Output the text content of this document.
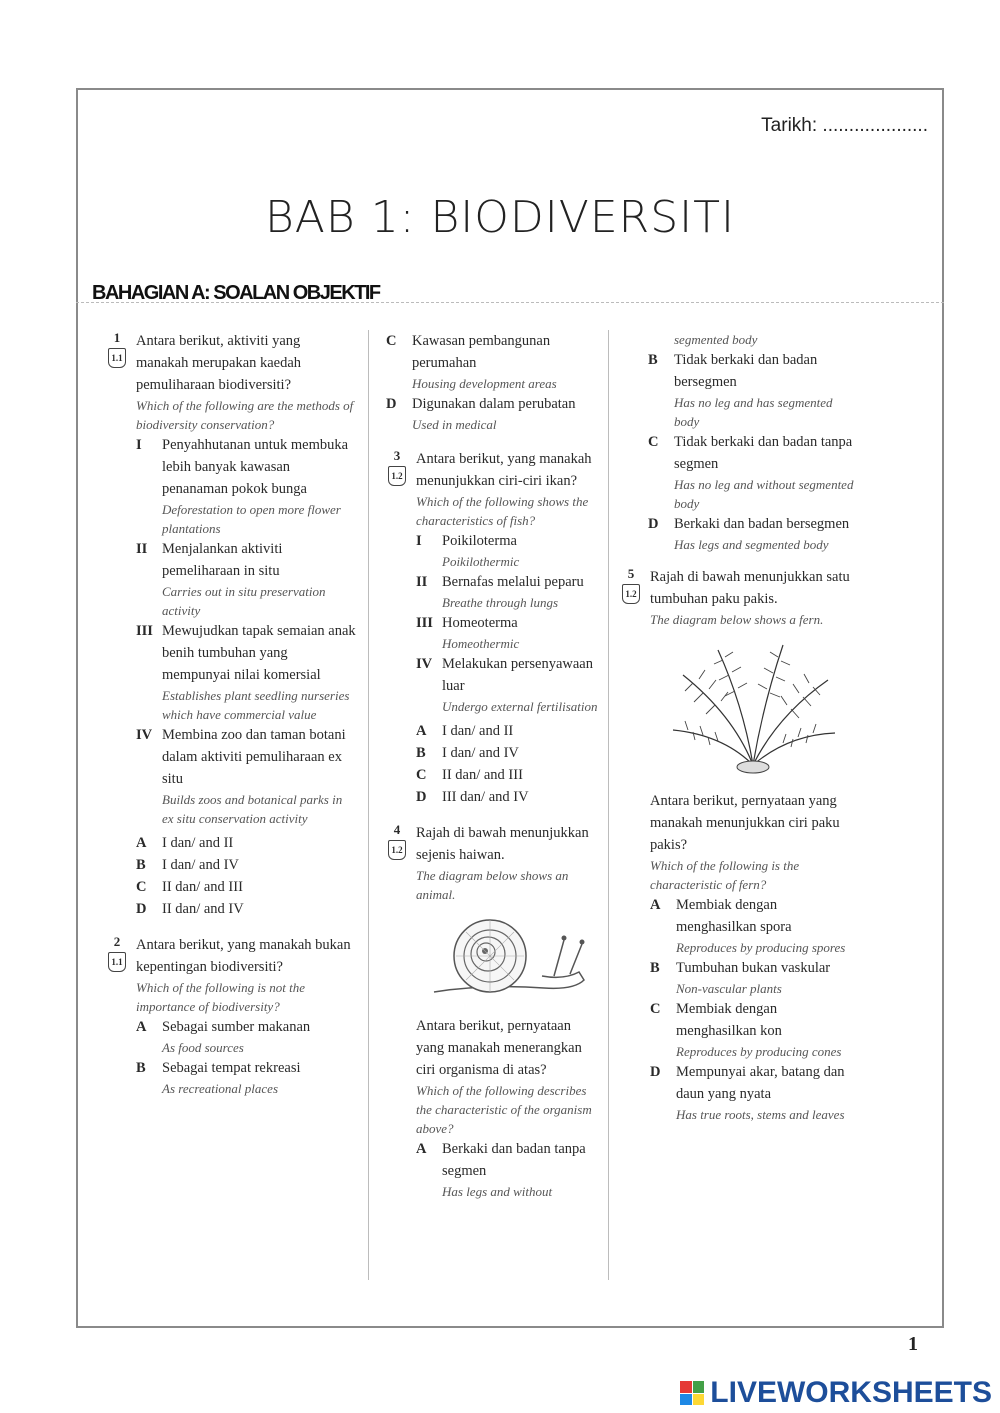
Tarikh: ....................
BAB 1: BIODIVERSITI
BAHAGIAN A: SOALAN OBJEKTIF
1
1.1
Antara berikut, aktiviti yang manakah merupakan kaedah pemuliharaan biodiversiti?
Which of the following are the methods of biodiversity conservation?
I Penyahhutanan untuk membuka lebih banyak kawasan penanaman pokok bunga
Deforestation to open more flower plantations
II Menjalankan aktiviti pemeliharaan in situ
Carries out in situ preservation activity
III Mewujudkan tapak semaian anak benih tumbuhan yang mempunyai nilai komersial
Establishes plant seedling nurseries which have commercial value
IV Membina zoo dan taman botani dalam aktiviti pemuliharaan ex situ
Builds zoos and botanical parks in ex situ conservation activity
A I dan/ and II
B I dan/ and IV
C II dan/ and III
D II dan/ and IV
2
1.1
Antara berikut, yang manakah bukan kepentingan biodiversiti?
Which of the following is not the importance of biodiversity?
A Sebagai sumber makanan
As food sources
B Sebagai tempat rekreasi
As recreational places
C Kawasan pembangunan perumahan
Housing development areas
D Digunakan dalam perubatan
Used in medical
3
1.2
Antara berikut, yang manakah menunjukkan ciri-ciri ikan?
Which of the following shows the characteristics of fish?
I Poikiloterma
Poikilothermic
II Bernafas melalui peparu
Breathe through lungs
III Homeoterma
Homeothermic
IV Melakukan persenyawaan luar
Undergo external fertilisation
A I dan/ and II
B I dan/ and IV
C II dan/ and III
D III dan/ and IV
4
1.2
Rajah di bawah menunjukkan sejenis haiwan.
The diagram below shows an animal.
Antara berikut, pernyataan yang manakah menerangkan ciri organisma di atas?
Which of the following describes the characteristic of the organism above?
A Berkaki dan badan tanpa segmen
Has legs and without
segmented body
B Tidak berkaki dan badan bersegmen
Has no leg and has segmented body
C Tidak berkaki dan badan tanpa segmen
Has no leg and without segmented body
D Berkaki dan badan bersegmen
Has legs and segmented body
5
1.2
Rajah di bawah menunjukkan satu tumbuhan paku pakis.
The diagram below shows a fern.
Antara berikut, pernyataan yang manakah menunjukkan ciri paku pakis?
Which of the following is the characteristic of fern?
A Membiak dengan menghasilkan spora
Reproduces by producing spores
B Tumbuhan bukan vaskular
Non-vascular plants
C Membiak dengan menghasilkan kon
Reproduces by producing cones
D Mempunyai akar, batang dan daun yang nyata
Has true roots, stems and leaves
1
LIVEWORKSHEETS
